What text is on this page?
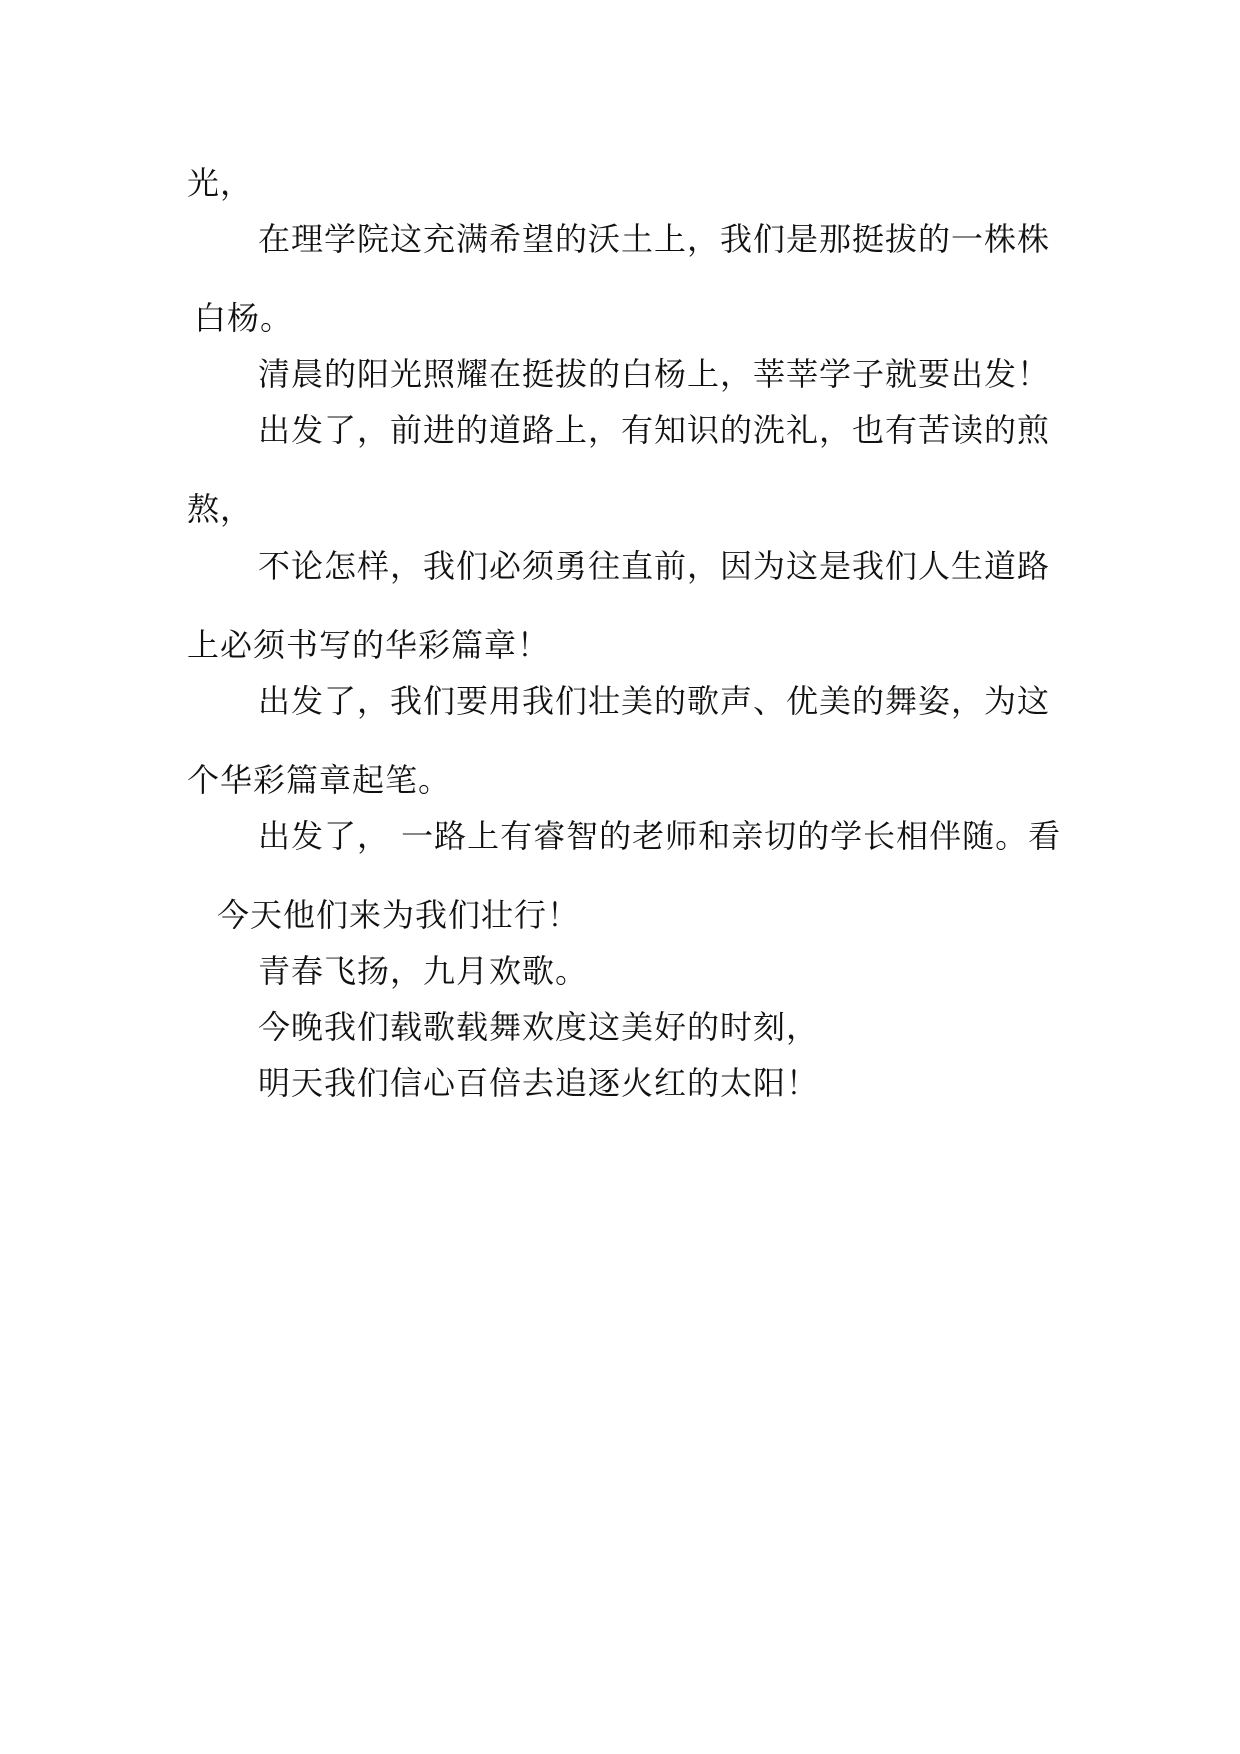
光，
在理学院这充满希望的沃土上，我们是那挺拔的一株株
白杨。
清晨的阳光照耀在挺拔的白杨上，莘莘学子就要出发！
出发了，前进的道路上，有知识的洗礼，也有苦读的煎
熬，
不论怎样，我们必须勇往直前，因为这是我们人生道路
上必须书写的华彩篇章！
出发了，我们要用我们壮美的歌声、优美的舞姿，为这
个华彩篇章起笔。
出发了， 一路上有睿智的老师和亲切的学长相伴随。看
今天他们来为我们壮行！
青春飞扬，九月欢歌。
今晚我们载歌载舞欢度这美好的时刻，
明天我们信心百倍去追逐火红的太阳！
